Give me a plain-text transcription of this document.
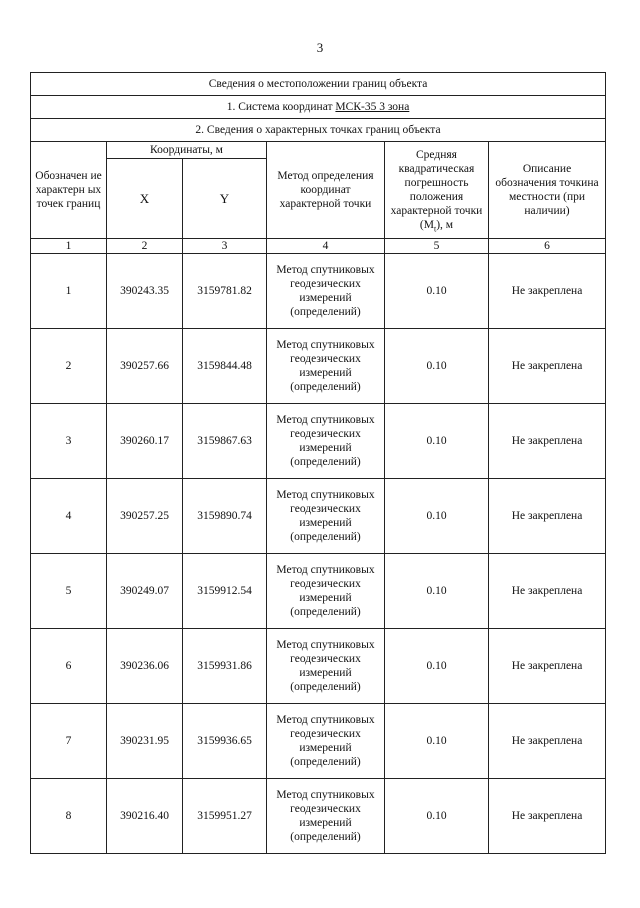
3
Сведения о местоположении границ объекта					
1. Система координат МСК-35 3 зона					
2. Сведения о характерных точках границ объекта					
Обозначен ие характерн ых точек границ	Координаты, м		Метод определения координат характерной точки	Средняя квадратическая погрешность положения характерной точки $(M_t)$, м	Описание обозначения точкина местности (при наличии)
	X	Y			
1	2	3	4	5	6
1	390243.35	3159781.82	Метод спутниковых геодезических измерений (определений)	0.10	Не закреплена
2	390257.66	3159844.48	Метод спутниковых геодезических измерений (определений)	0.10	Не закреплена
3	390260.17	3159867.63	Метод спутниковых геодезических измерений (определений)	0.10	Не закреплена
4	390257.25	3159890.74	Метод спутниковых геодезических измерений (определений)	0.10	Не закреплена
5	390249.07	3159912.54	Метод спутниковых геодезических измерений (определений)	0.10	Не закреплена
6	390236.06	3159931.86	Метод спутниковых геодезических измерений (определений)	0.10	Не закреплена
7	390231.95	3159936.65	Метод спутниковых геодезических измерений (определений)	0.10	Не закреплена
8	390216.40	3159951.27	Метод спутниковых геодезических измерений (определений)	0.10	Не закреплена
